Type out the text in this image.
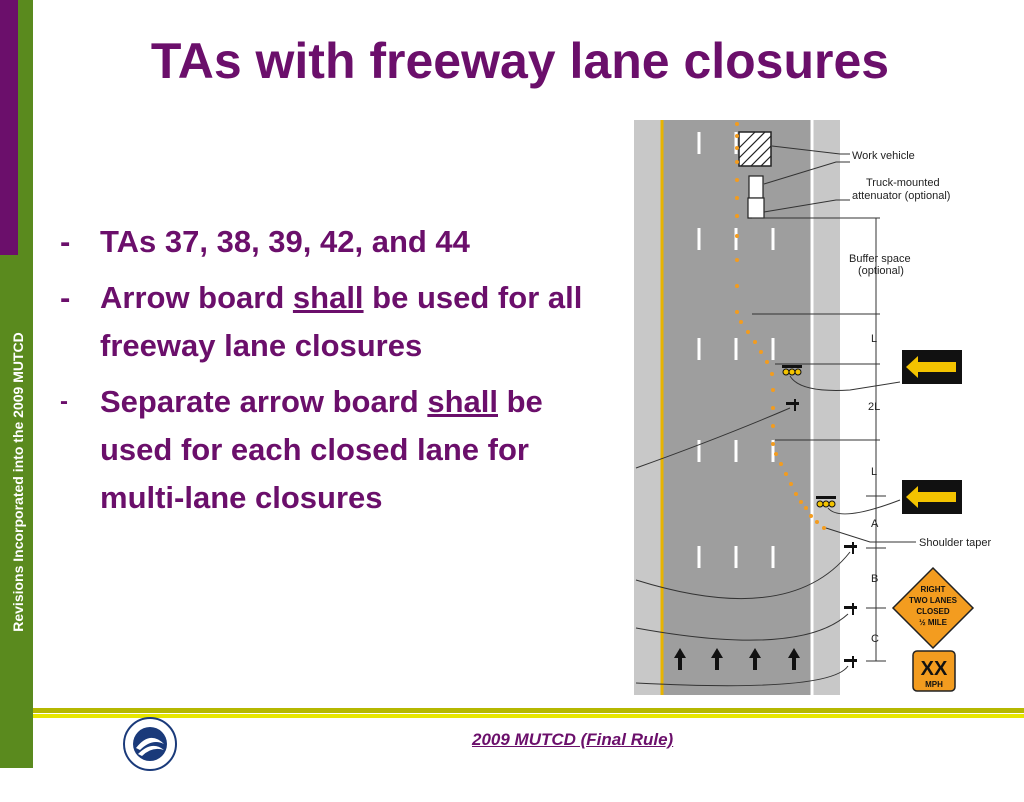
Revisions Incorporated into the 2009 MUTCD
TAs with freeway lane closures
- TAs 37, 38, 39, 42, and 44
- Arrow board shall be used for all freeway lane closures
- Separate arrow board shall be used for each closed lane for multi-lane closures
Work vehicle
Truck-mounted
attenuator (optional)
Buffer space
(optional)
Shoulder taper
L
2L
L
A
B
C
RIGHT
TWO LANES
CLOSED
½ MILE
XX
MPH
2009 MUTCD (Final Rule)
